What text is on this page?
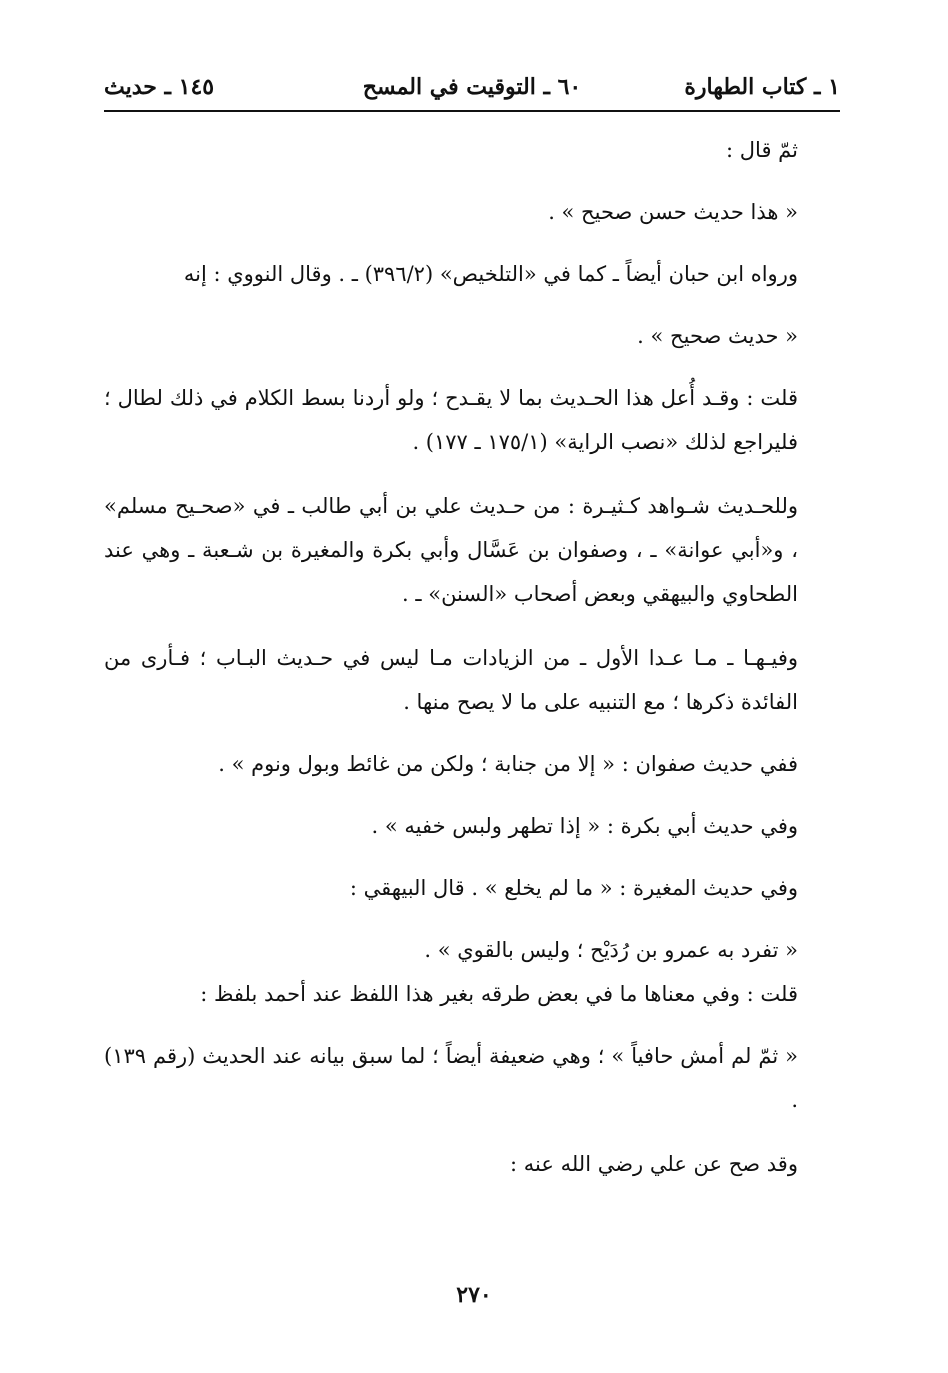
١ ـ كتاب الطهارة
٦٠ ـ التوقيت في المسح
١٤٥ ـ حديث

ثمّ قال :

« هذا حديث حسن صحيح » .

ورواه ابن حبان أيضاً ـ كما في «التلخيص» (٣٩٦/٢) ـ . وقال النووي : إنه

« حديث صحيح » .

قلت : وقـد أُعل هذا الحـديث بما لا يقـدح ؛ ولو أردنا بسط الكلام في ذلك لطال ؛ فليراجع لذلك «نصب الراية» (١٧٥/١ ـ ١٧٧) .

وللحـديث شـواهد كـثيـرة : من حـديث علي بن أبي طالب ـ في «صحـيح مسلم» ، و«أبي عوانة» ـ ، وصفوان بن عَسَّال وأبي بكرة والمغيرة بن شـعبة ـ وهي عند الطحاوي والبيهقي وبعض أصحاب «السنن» ـ .

وفيـهـا ـ مـا عـدا الأول ـ من الزيادات مـا ليس في حـديث البـاب ؛ فـأرى من الفائدة ذكرها ؛ مع التنبيه على ما لا يصح منها .

ففي حديث صفوان : « إلا من جنابة ؛ ولكن من غائط وبول ونوم » .

وفي حديث أبي بكرة : « إذا تطهر ولبس خفيه » .

وفي حديث المغيرة : « ما لم يخلع » . قال البيهقي :

« تفرد به عمرو بن رُدَيْح ؛ وليس بالقوي » .

قلت : وفي معناها ما في بعض طرقه بغير هذا اللفظ عند أحمد بلفظ :

« ثمّ لم أمش حافياً » ؛ وهي ضعيفة أيضاً ؛ لما سبق بيانه عند الحديث (رقم ١٣٩) .

وقد صح عن علي رضي الله عنه :

٢٧٠
